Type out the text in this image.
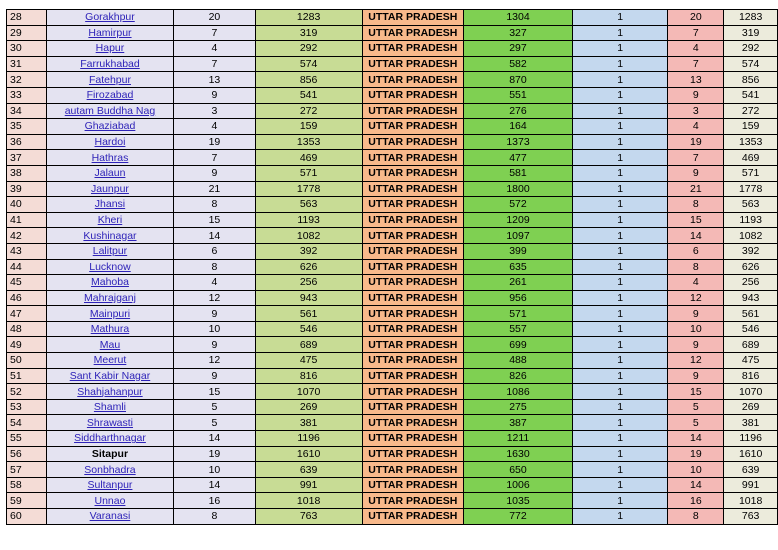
28	Gorakhpur	20	1283	UTTAR PRADESH	1304	1	20	1283
29	Hamirpur	7	319	UTTAR PRADESH	327	1	7	319
30	Hapur	4	292	UTTAR PRADESH	297	1	4	292
31	Farrukhabad	7	574	UTTAR PRADESH	582	1	7	574
32	Fatehpur	13	856	UTTAR PRADESH	870	1	13	856
33	Firozabad	9	541	UTTAR PRADESH	551	1	9	541
34	autam Buddha Nag	3	272	UTTAR PRADESH	276	1	3	272
35	Ghaziabad	4	159	UTTAR PRADESH	164	1	4	159
36	Hardoi	19	1353	UTTAR PRADESH	1373	1	19	1353
37	Hathras	7	469	UTTAR PRADESH	477	1	7	469
38	Jalaun	9	571	UTTAR PRADESH	581	1	9	571
39	Jaunpur	21	1778	UTTAR PRADESH	1800	1	21	1778
40	Jhansi	8	563	UTTAR PRADESH	572	1	8	563
41	Kheri	15	1193	UTTAR PRADESH	1209	1	15	1193
42	Kushinagar	14	1082	UTTAR PRADESH	1097	1	14	1082
43	Lalitpur	6	392	UTTAR PRADESH	399	1	6	392
44	Lucknow	8	626	UTTAR PRADESH	635	1	8	626
45	Mahoba	4	256	UTTAR PRADESH	261	1	4	256
46	Mahrajganj	12	943	UTTAR PRADESH	956	1	12	943
47	Mainpuri	9	561	UTTAR PRADESH	571	1	9	561
48	Mathura	10	546	UTTAR PRADESH	557	1	10	546
49	Mau	9	689	UTTAR PRADESH	699	1	9	689
50	Meerut	12	475	UTTAR PRADESH	488	1	12	475
51	Sant Kabir Nagar	9	816	UTTAR PRADESH	826	1	9	816
52	Shahjahanpur	15	1070	UTTAR PRADESH	1086	1	15	1070
53	Shamli	5	269	UTTAR PRADESH	275	1	5	269
54	Shrawasti	5	381	UTTAR PRADESH	387	1	5	381
55	Siddharthnagar	14	1196	UTTAR PRADESH	1211	1	14	1196
56	Sitapur	19	1610	UTTAR PRADESH	1630	1	19	1610
57	Sonbhadra	10	639	UTTAR PRADESH	650	1	10	639
58	Sultanpur	14	991	UTTAR PRADESH	1006	1	14	991
59	Unnao	16	1018	UTTAR PRADESH	1035	1	16	1018
60	Varanasi	8	763	UTTAR PRADESH	772	1	8	763
